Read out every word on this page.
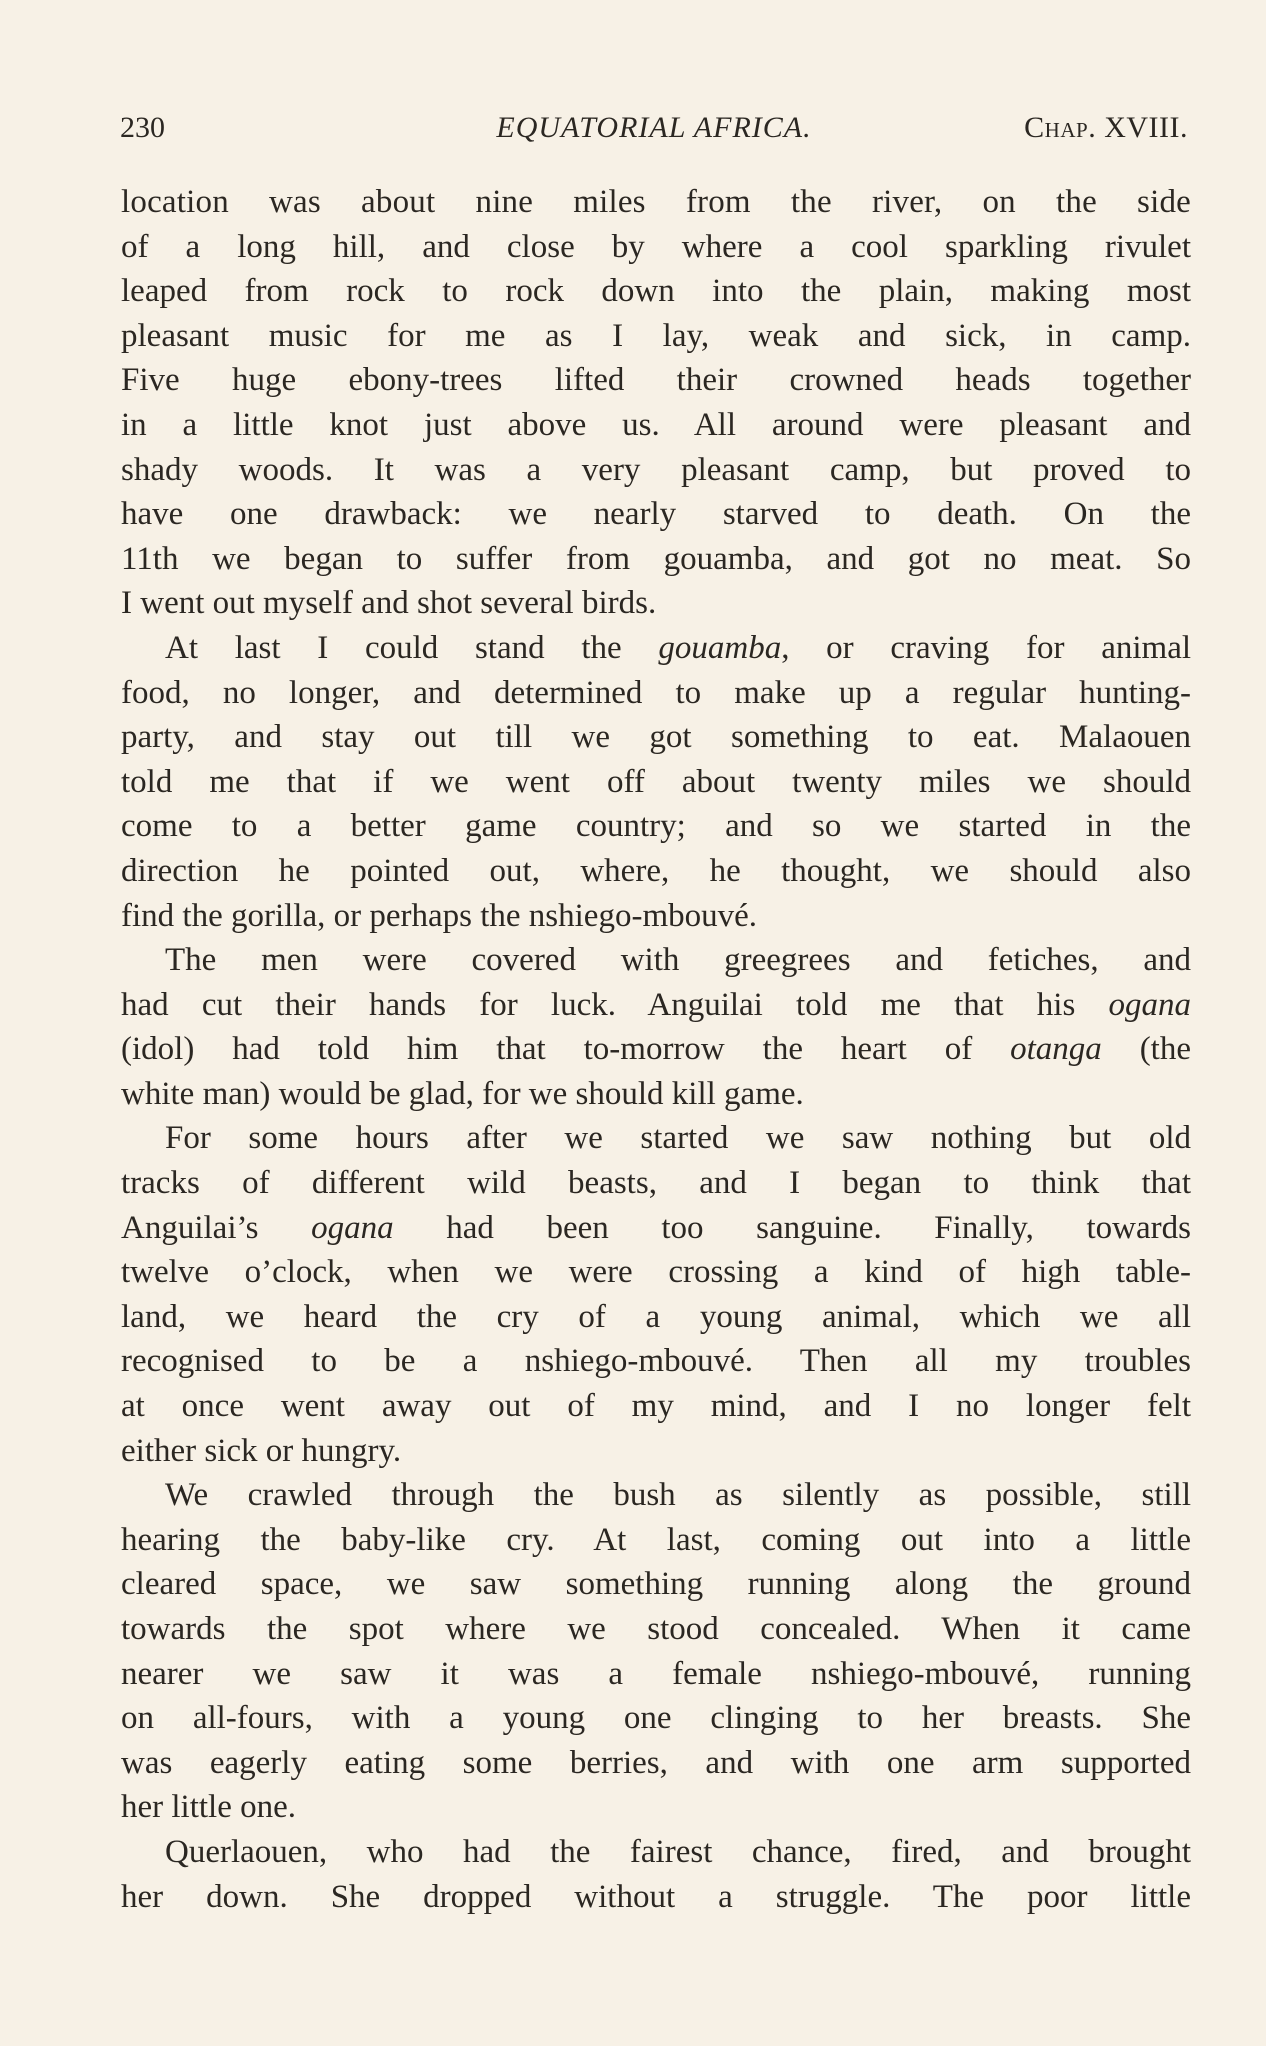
230	EQUATORIAL AFRICA.	Chap. XVIII.
location was about nine miles from the river, on the side
of a long hill, and close by where a cool sparkling rivulet
leaped from rock to rock down into the plain, making most
pleasant music for me as I lay, weak and sick, in camp.
Five huge ebony-trees lifted their crowned heads together
in a little knot just above us. All around were pleasant and
shady woods. It was a very pleasant camp, but proved to
have one drawback: we nearly starved to death. On the
11th we began to suffer from gouamba, and got no meat. So
I went out myself and shot several birds.
At last I could stand the gouamba, or craving for animal
food, no longer, and determined to make up a regular hunting-
party, and stay out till we got something to eat. Malaouen
told me that if we went off about twenty miles we should
come to a better game country; and so we started in the
direction he pointed out, where, he thought, we should also
find the gorilla, or perhaps the nshiego-mbouvé.
The men were covered with greegrees and fetiches, and
had cut their hands for luck. Anguilai told me that his ogana
(idol) had told him that to-morrow the heart of otanga (the
white man) would be glad, for we should kill game.
For some hours after we started we saw nothing but old
tracks of different wild beasts, and I began to think that
Anguilai’s ogana had been too sanguine. Finally, towards
twelve o’clock, when we were crossing a kind of high table-
land, we heard the cry of a young animal, which we all
recognised to be a nshiego-mbouvé. Then all my troubles
at once went away out of my mind, and I no longer felt
either sick or hungry.
We crawled through the bush as silently as possible, still
hearing the baby-like cry. At last, coming out into a little
cleared space, we saw something running along the ground
towards the spot where we stood concealed. When it came
nearer we saw it was a female nshiego-mbouvé, running
on all-fours, with a young one clinging to her breasts. She
was eagerly eating some berries, and with one arm supported
her little one.
Querlaouen, who had the fairest chance, fired, and brought
her down. She dropped without a struggle. The poor little
